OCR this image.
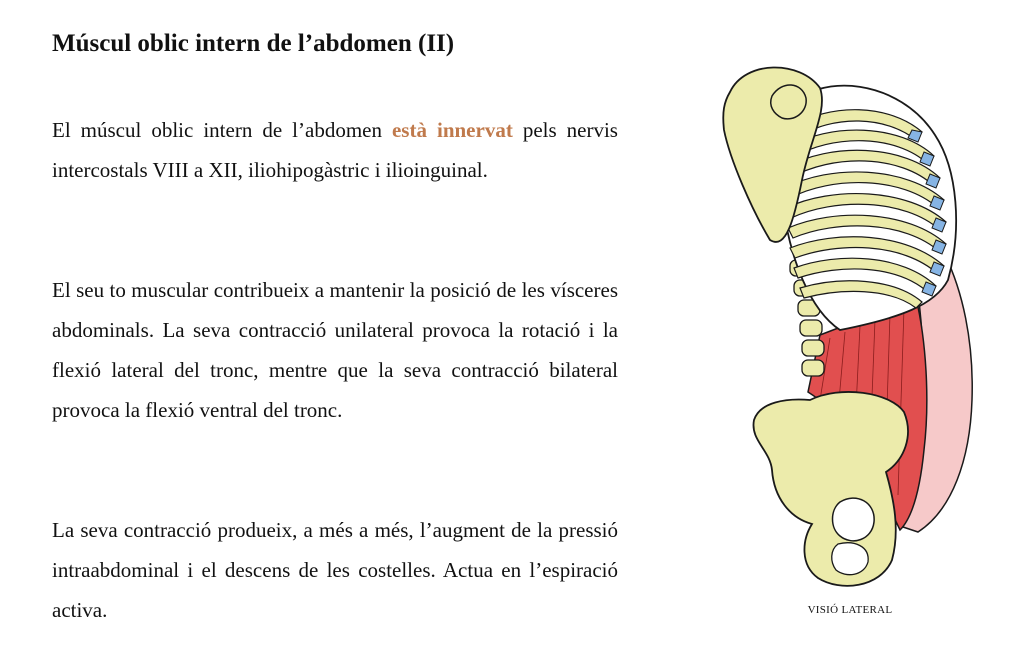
Múscul oblic intern de l’abdomen (II)

El múscul oblic intern de l’abdomen està innervat pels nervis intercostals VIII a XII, iliohipogàstric i ilioinguinal.

El seu to muscular contribueix a mantenir la posició de les vísceres abdominals. La seva contracció unilateral provoca la rotació i la flexió lateral del tronc, mentre que la seva contracció bilateral provoca la flexió ventral del tronc.

La seva contracció produeix, a més a més, l’augment de la pressió intraabdominal i el descens de les costelles. Actua en l’espiració activa.	VISIÓ LATERAL
